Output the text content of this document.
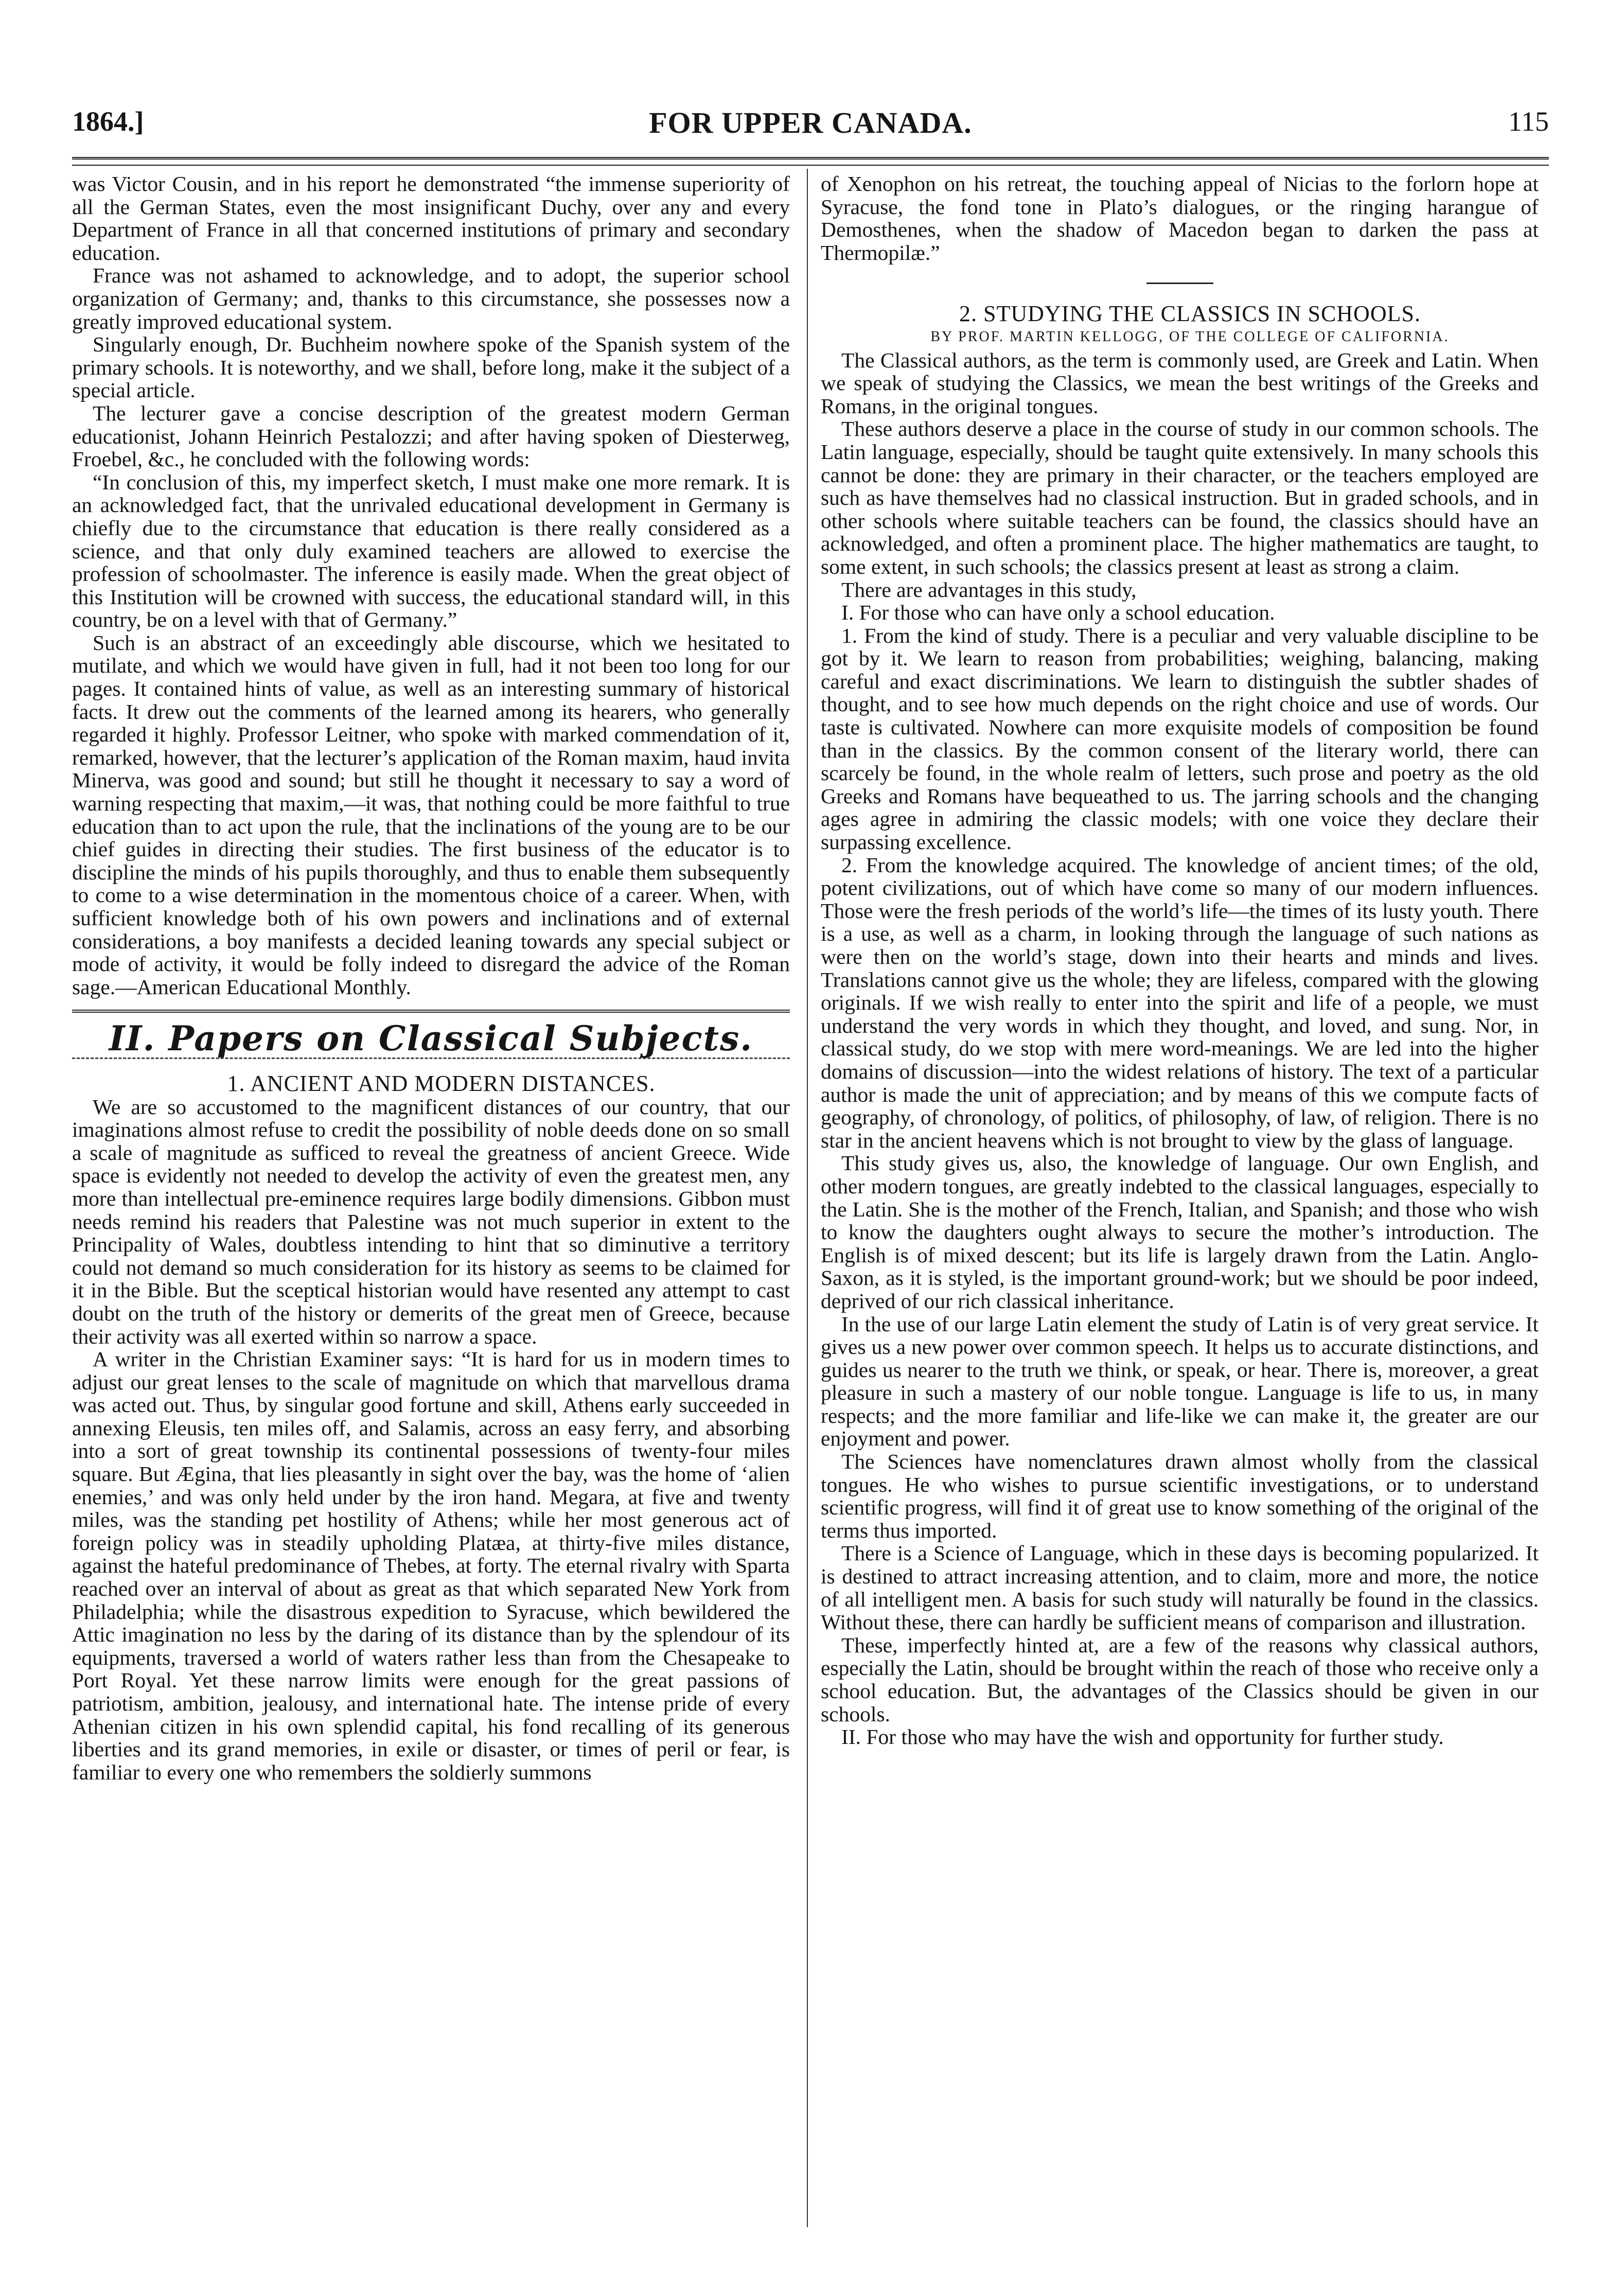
1864.]	FOR UPPER CANADA.	115

was Victor Cousin, and in his report he demonstrated “the immense superiority of all the German States, even the most insignificant Duchy, over any and every Department of France in all that concerned institutions of primary and secondary education.

France was not ashamed to acknowledge, and to adopt, the superior school organization of Germany; and, thanks to this circumstance, she possesses now a greatly improved educational system.

Singularly enough, Dr. Buchheim nowhere spoke of the Spanish system of the primary schools. It is noteworthy, and we shall, before long, make it the subject of a special article.

The lecturer gave a concise description of the greatest modern German educationist, Johann Heinrich Pestalozzi; and after having spoken of Diesterweg, Froebel, &c., he concluded with the following words:

“In conclusion of this, my imperfect sketch, I must make one more remark. It is an acknowledged fact, that the unrivaled educational development in Germany is chiefly due to the circumstance that education is there really considered as a science, and that only duly examined teachers are allowed to exercise the profession of schoolmaster. The inference is easily made. When the great object of this Institution will be crowned with success, the educational standard will, in this country, be on a level with that of Germany.”

Such is an abstract of an exceedingly able discourse, which we hesitated to mutilate, and which we would have given in full, had it not been too long for our pages. It contained hints of value, as well as an interesting summary of historical facts. It drew out the comments of the learned among its hearers, who generally regarded it highly. Professor Leitner, who spoke with marked commendation of it, remarked, however, that the lecturer’s application of the Roman maxim, haud invita Minerva, was good and sound; but still he thought it necessary to say a word of warning respecting that maxim,—it was, that nothing could be more faithful to true education than to act upon the rule, that the inclinations of the young are to be our chief guides in directing their studies. The first business of the educator is to discipline the minds of his pupils thoroughly, and thus to enable them subsequently to come to a wise determination in the momentous choice of a career. When, with sufficient knowledge both of his own powers and inclinations and of external considerations, a boy manifests a decided leaning towards any special subject or mode of activity, it would be folly indeed to disregard the advice of the Roman sage.—American Educational Monthly.

II. Papers on Classical Subjects.

1. ANCIENT AND MODERN DISTANCES.

We are so accustomed to the magnificent distances of our country, that our imaginations almost refuse to credit the possibility of noble deeds done on so small a scale of magnitude as sufficed to reveal the greatness of ancient Greece. Wide space is evidently not needed to develop the activity of even the greatest men, any more than intellectual pre-eminence requires large bodily dimensions. Gibbon must needs remind his readers that Palestine was not much superior in extent to the Principality of Wales, doubtless intending to hint that so diminutive a territory could not demand so much consideration for its history as seems to be claimed for it in the Bible. But the sceptical historian would have resented any attempt to cast doubt on the truth of the history or demerits of the great men of Greece, because their activity was all exerted within so narrow a space.

A writer in the Christian Examiner says: “It is hard for us in modern times to adjust our great lenses to the scale of magnitude on which that marvellous drama was acted out. Thus, by singular good fortune and skill, Athens early succeeded in annexing Eleusis, ten miles off, and Salamis, across an easy ferry, and absorbing into a sort of great township its continental possessions of twenty-four miles square. But Ægina, that lies pleasantly in sight over the bay, was the home of ‘alien enemies,’ and was only held under by the iron hand. Megara, at five and twenty miles, was the standing pet hostility of Athens; while her most generous act of foreign policy was in steadily upholding Platæa, at thirty-five miles distance, against the hateful predominance of Thebes, at forty. The eternal rivalry with Sparta reached over an interval of about as great as that which separated New York from Philadelphia; while the disastrous expedition to Syracuse, which bewildered the Attic imagination no less by the daring of its distance than by the splendour of its equipments, traversed a world of waters rather less than from the Chesapeake to Port Royal. Yet these narrow limits were enough for the great passions of patriotism, ambition, jealousy, and international hate. The intense pride of every Athenian citizen in his own splendid capital, his fond recalling of its generous liberties and its grand memories, in exile or disaster, or times of peril or fear, is familiar to every one who remembers the soldierly summons

of Xenophon on his retreat, the touching appeal of Nicias to the forlorn hope at Syracuse, the fond tone in Plato’s dialogues, or the ringing harangue of Demosthenes, when the shadow of Macedon began to darken the pass at Thermopilæ.”

2. STUDYING THE CLASSICS IN SCHOOLS.

BY PROF. MARTIN KELLOGG, OF THE COLLEGE OF CALIFORNIA.

The Classical authors, as the term is commonly used, are Greek and Latin. When we speak of studying the Classics, we mean the best writings of the Greeks and Romans, in the original tongues.

These authors deserve a place in the course of study in our common schools. The Latin language, especially, should be taught quite extensively. In many schools this cannot be done: they are primary in their character, or the teachers employed are such as have themselves had no classical instruction. But in graded schools, and in other schools where suitable teachers can be found, the classics should have an acknowledged, and often a prominent place. The higher mathematics are taught, to some extent, in such schools; the classics present at least as strong a claim.

There are advantages in this study,

I. For those who can have only a school education.

1. From the kind of study. There is a peculiar and very valuable discipline to be got by it. We learn to reason from probabilities; weighing, balancing, making careful and exact discriminations. We learn to distinguish the subtler shades of thought, and to see how much depends on the right choice and use of words. Our taste is cultivated. Nowhere can more exquisite models of composition be found than in the classics. By the common consent of the literary world, there can scarcely be found, in the whole realm of letters, such prose and poetry as the old Greeks and Romans have bequeathed to us. The jarring schools and the changing ages agree in admiring the classic models; with one voice they declare their surpassing excellence.

2. From the knowledge acquired. The knowledge of ancient times; of the old, potent civilizations, out of which have come so many of our modern influences. Those were the fresh periods of the world’s life—the times of its lusty youth. There is a use, as well as a charm, in looking through the language of such nations as were then on the world’s stage, down into their hearts and minds and lives. Translations cannot give us the whole; they are lifeless, compared with the glowing originals. If we wish really to enter into the spirit and life of a people, we must understand the very words in which they thought, and loved, and sung. Nor, in classical study, do we stop with mere word-meanings. We are led into the higher domains of discussion—into the widest relations of history. The text of a particular author is made the unit of appreciation; and by means of this we compute facts of geography, of chronology, of politics, of philosophy, of law, of religion. There is no star in the ancient heavens which is not brought to view by the glass of language.

This study gives us, also, the knowledge of language. Our own English, and other modern tongues, are greatly indebted to the classical languages, especially to the Latin. She is the mother of the French, Italian, and Spanish; and those who wish to know the daughters ought always to secure the mother’s introduction. The English is of mixed descent; but its life is largely drawn from the Latin. Anglo-Saxon, as it is styled, is the important ground-work; but we should be poor indeed, deprived of our rich classical inheritance.

In the use of our large Latin element the study of Latin is of very great service. It gives us a new power over common speech. It helps us to accurate distinctions, and guides us nearer to the truth we think, or speak, or hear. There is, moreover, a great pleasure in such a mastery of our noble tongue. Language is life to us, in many respects; and the more familiar and life-like we can make it, the greater are our enjoyment and power.

The Sciences have nomenclatures drawn almost wholly from the classical tongues. He who wishes to pursue scientific investigations, or to understand scientific progress, will find it of great use to know something of the original of the terms thus imported.

There is a Science of Language, which in these days is becoming popularized. It is destined to attract increasing attention, and to claim, more and more, the notice of all intelligent men. A basis for such study will naturally be found in the classics. Without these, there can hardly be sufficient means of comparison and illustration.

These, imperfectly hinted at, are a few of the reasons why classical authors, especially the Latin, should be brought within the reach of those who receive only a school education. But, the advantages of the Classics should be given in our schools.

II. For those who may have the wish and opportunity for further study.
